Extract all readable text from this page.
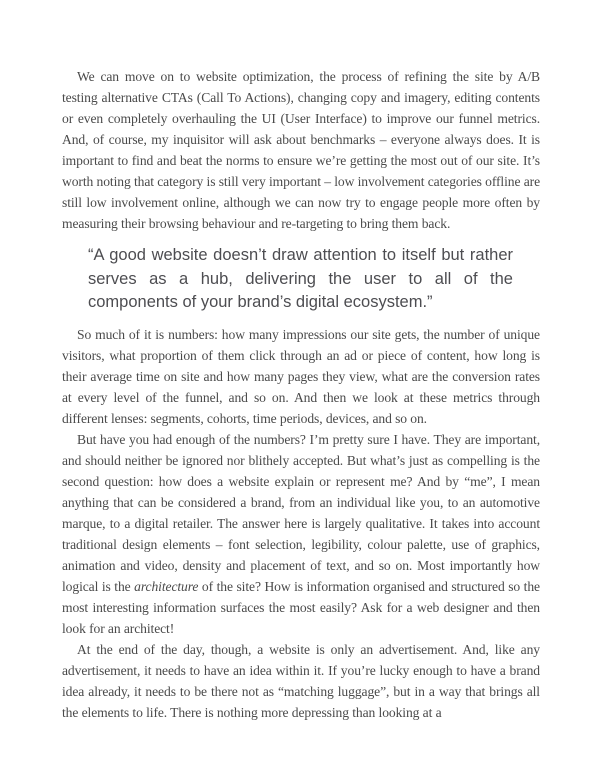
We can move on to website optimization, the process of refining the site by A/B testing alternative CTAs (Call To Actions), changing copy and imagery, editing contents or even completely overhauling the UI (User Interface) to improve our funnel metrics. And, of course, my inquisitor will ask about benchmarks – everyone always does. It is important to find and beat the norms to ensure we’re getting the most out of our site. It’s worth noting that category is still very important – low involvement categories offline are still low involvement online, although we can now try to engage people more often by measuring their browsing behaviour and re-targeting to bring them back.

“A good website doesn’t draw attention to itself but rather serves as a hub, delivering the user to all of the components of your brand’s digital ecosystem.”

So much of it is numbers: how many impressions our site gets, the number of unique visitors, what proportion of them click through an ad or piece of content, how long is their average time on site and how many pages they view, what are the conversion rates at every level of the funnel, and so on. And then we look at these metrics through different lenses: segments, cohorts, time periods, devices, and so on.

But have you had enough of the numbers? I’m pretty sure I have. They are important, and should neither be ignored nor blithely accepted. But what’s just as compelling is the second question: how does a website explain or represent me? And by “me”, I mean anything that can be considered a brand, from an individual like you, to an automotive marque, to a digital retailer. The answer here is largely qualitative. It takes into account traditional design elements – font selection, legibility, colour palette, use of graphics, animation and video, density and placement of text, and so on. Most importantly how logical is the architecture of the site? How is information organised and structured so the most interesting information surfaces the most easily? Ask for a web designer and then look for an architect!

At the end of the day, though, a website is only an advertisement. And, like any advertisement, it needs to have an idea within it. If you’re lucky enough to have a brand idea already, it needs to be there not as “matching luggage”, but in a way that brings all the elements to life. There is nothing more depressing than looking at a
